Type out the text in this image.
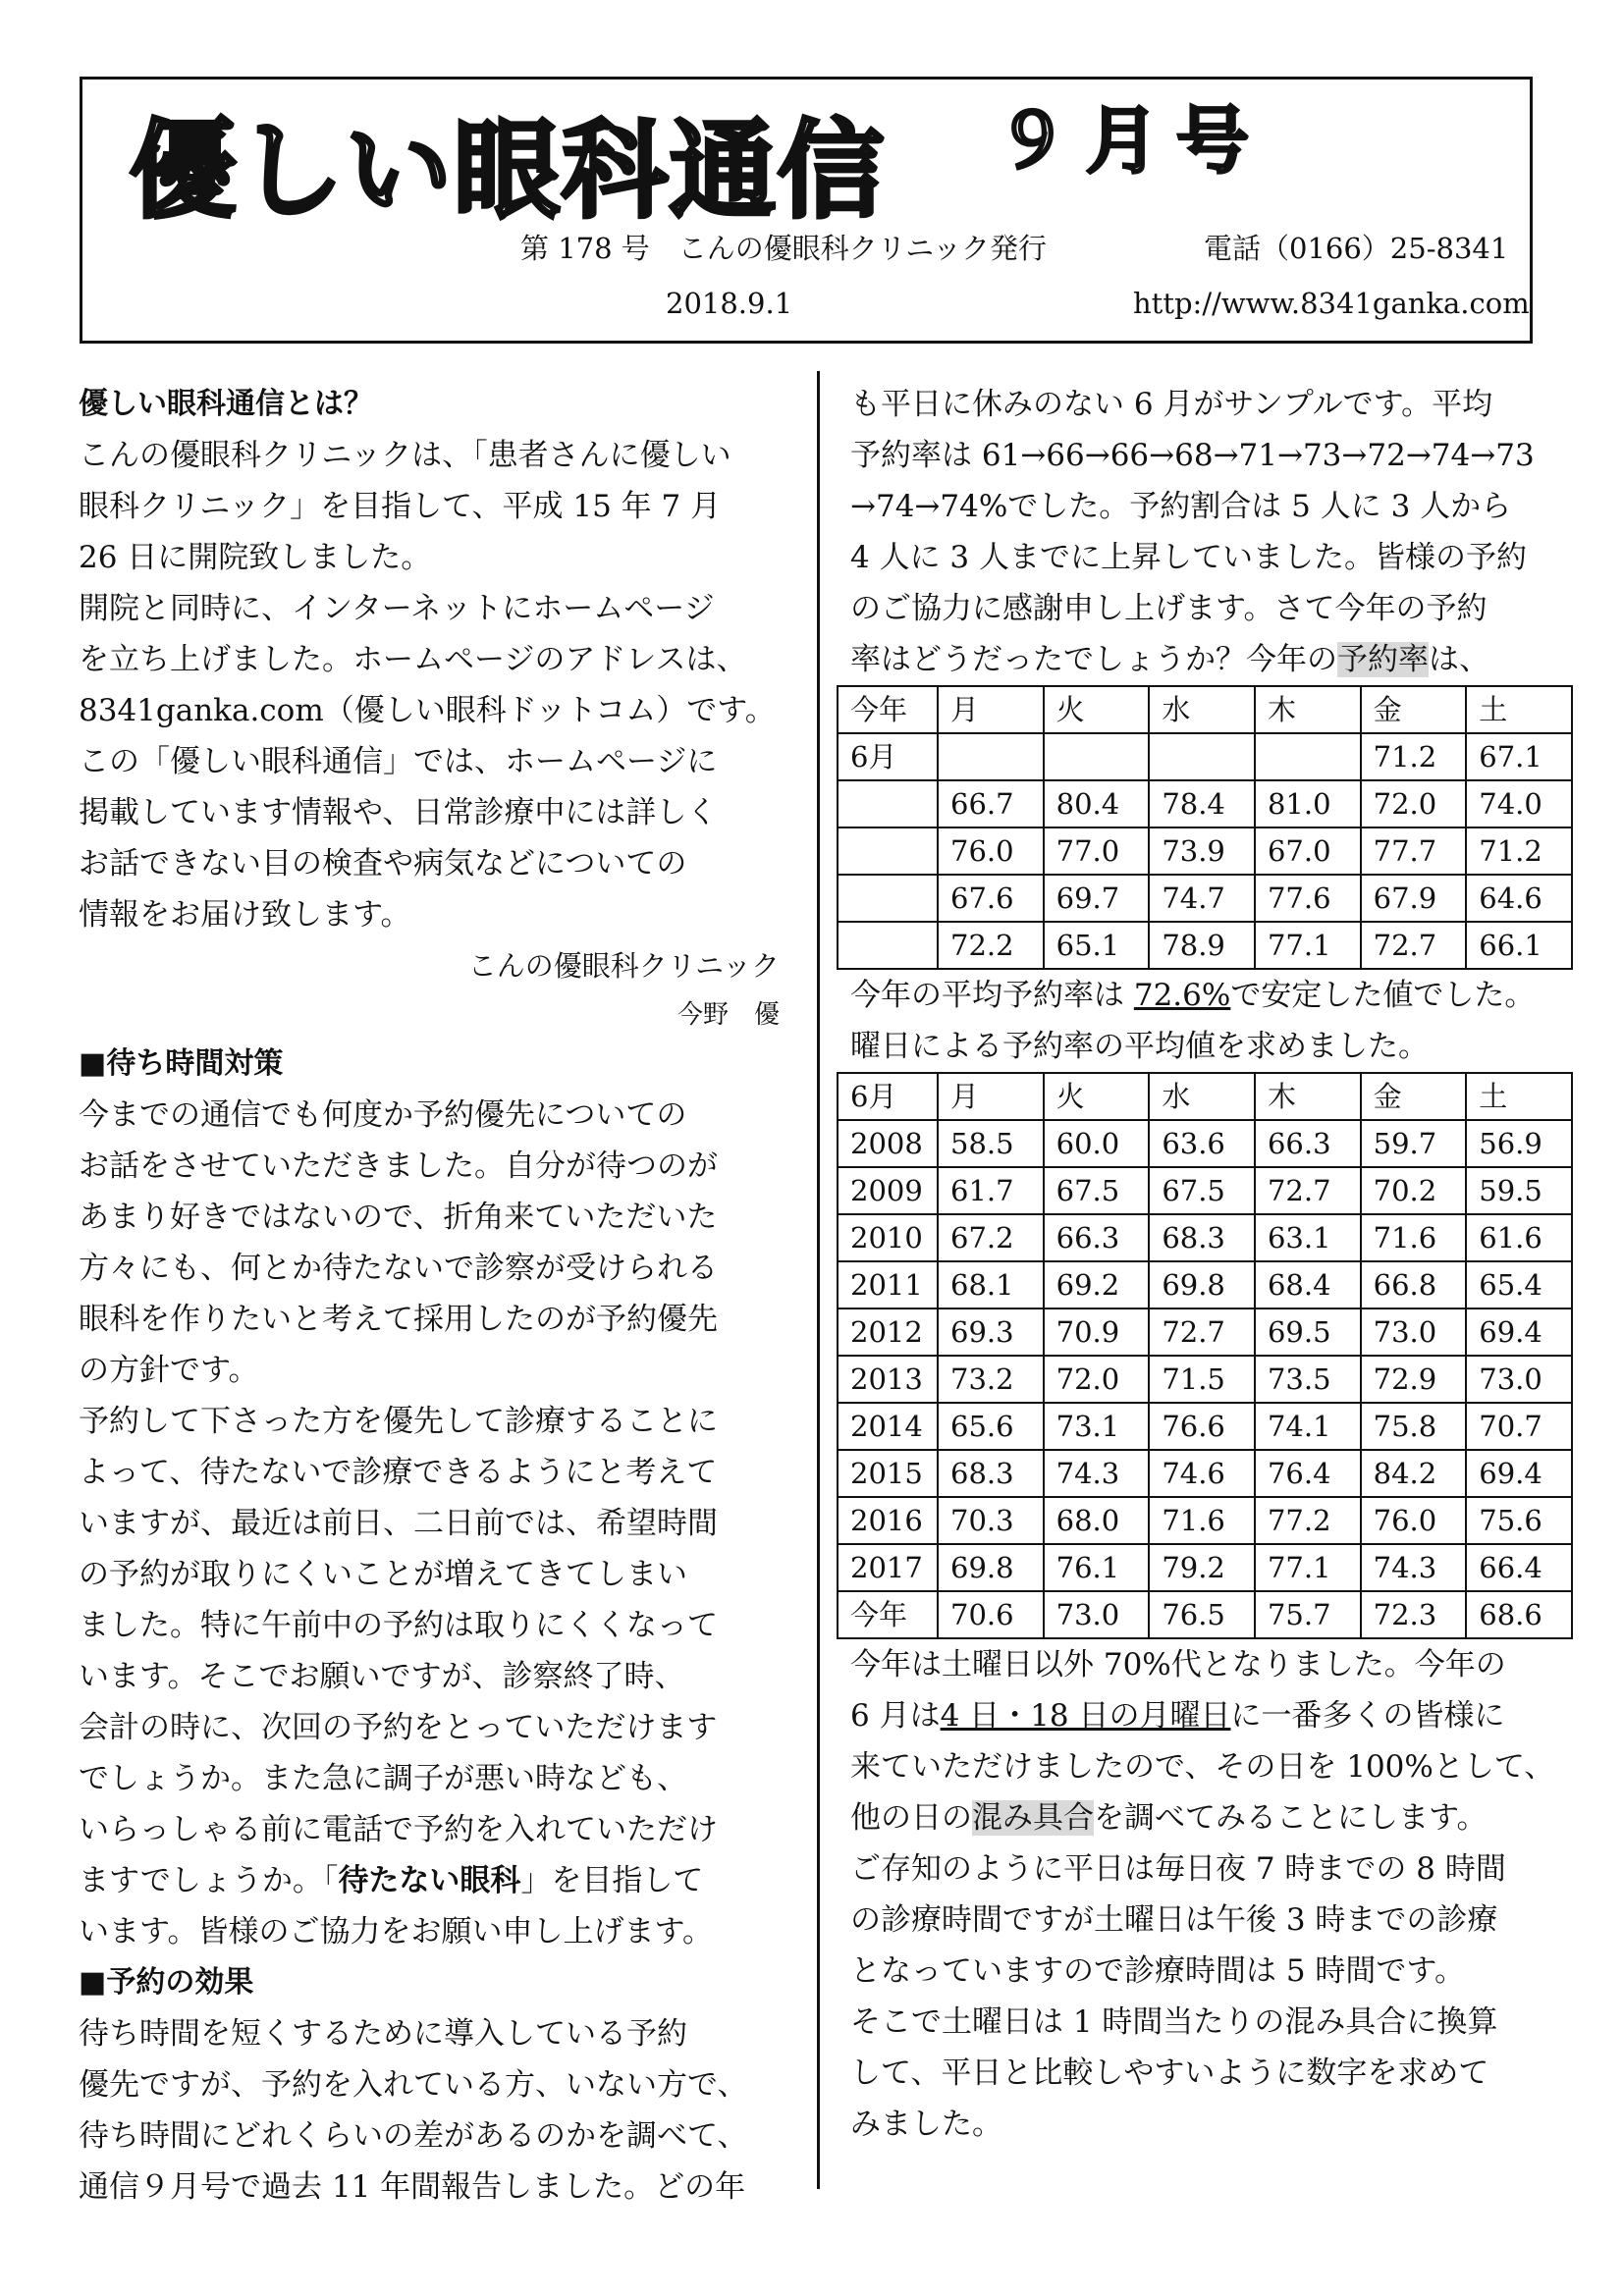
優しい眼科通信 ９月号
第 178 号　こんの優眼科クリニック発行	電話（0166）25-8341
2018.9.1	http://www.8341ganka.com

優しい眼科通信とは？

こんの優眼科クリニックは、「患者さんに優しい

眼科クリニック」を目指して、平成 15 年 7 月

26 日に開院致しました。

開院と同時に、インターネットにホームページ

を立ち上げました。ホームページのアドレスは、

8341ganka.com（優しい眼科ドットコム）です。

この「優しい眼科通信」では、ホームページに

掲載しています情報や、日常診療中には詳しく

お話できない目の検査や病気などについての

情報をお届け致します。

こんの優眼科クリニック

今野　優

■待ち時間対策

今までの通信でも何度か予約優先についての

お話をさせていただきました。自分が待つのが

あまり好きではないので、折角来ていただいた

方々にも、何とか待たないで診察が受けられる

眼科を作りたいと考えて採用したのが予約優先

の方針です。

予約して下さった方を優先して診療することに

よって、待たないで診療できるようにと考えて

いますが、最近は前日、二日前では、希望時間

の予約が取りにくいことが増えてきてしまい

ました。特に午前中の予約は取りにくくなって

います。そこでお願いですが、診察終了時、

会計の時に、次回の予約をとっていただけます

でしょうか。また急に調子が悪い時なども、

いらっしゃる前に電話で予約を入れていただけ

ますでしょうか。「待たない眼科」を目指して

います。皆様のご協力をお願い申し上げます。

■予約の効果

待ち時間を短くするために導入している予約

優先ですが、予約を入れている方、いない方で、

待ち時間にどれくらいの差があるのかを調べて、

通信９月号で過去 11 年間報告しました。どの年

も平日に休みのない 6 月がサンプルです。平均

予約率は 61→66→66→68→71→73→72→74→73

→74→74%でした。予約割合は 5 人に 3 人から

4 人に 3 人までに上昇していました。皆様の予約

のご協力に感謝申し上げます。さて今年の予約

率はどうだったでしょうか？今年の予約率は、

今年	月	火	水	木	金	土
6月					71.2	67.1
	66.7	80.4	78.4	81.0	72.0	74.0
	76.0	77.0	73.9	67.0	77.7	71.2
	67.6	69.7	74.7	77.6	67.9	64.6
	72.2	65.1	78.9	77.1	72.7	66.1

今年の平均予約率は 72.6%で安定した値でした。

曜日による予約率の平均値を求めました。

6月	月	火	水	木	金	土
2008	58.5	60.0	63.6	66.3	59.7	56.9
2009	61.7	67.5	67.5	72.7	70.2	59.5
2010	67.2	66.3	68.3	63.1	71.6	61.6
2011	68.1	69.2	69.8	68.4	66.8	65.4
2012	69.3	70.9	72.7	69.5	73.0	69.4
2013	73.2	72.0	71.5	73.5	72.9	73.0
2014	65.6	73.1	76.6	74.1	75.8	70.7
2015	68.3	74.3	74.6	76.4	84.2	69.4
2016	70.3	68.0	71.6	77.2	76.0	75.6
2017	69.8	76.1	79.2	77.1	74.3	66.4
今年	70.6	73.0	76.5	75.7	72.3	68.6

今年は土曜日以外 70%代となりました。今年の

6 月は4 日・18 日の月曜日に一番多くの皆様に

来ていただけましたので、その日を 100%として、

他の日の混み具合を調べてみることにします。

ご存知のように平日は毎日夜 7 時までの 8 時間

の診療時間ですが土曜日は午後 3 時までの診療

となっていますので診療時間は 5 時間です。

そこで土曜日は 1 時間当たりの混み具合に換算

して、平日と比較しやすいように数字を求めて

みました。
